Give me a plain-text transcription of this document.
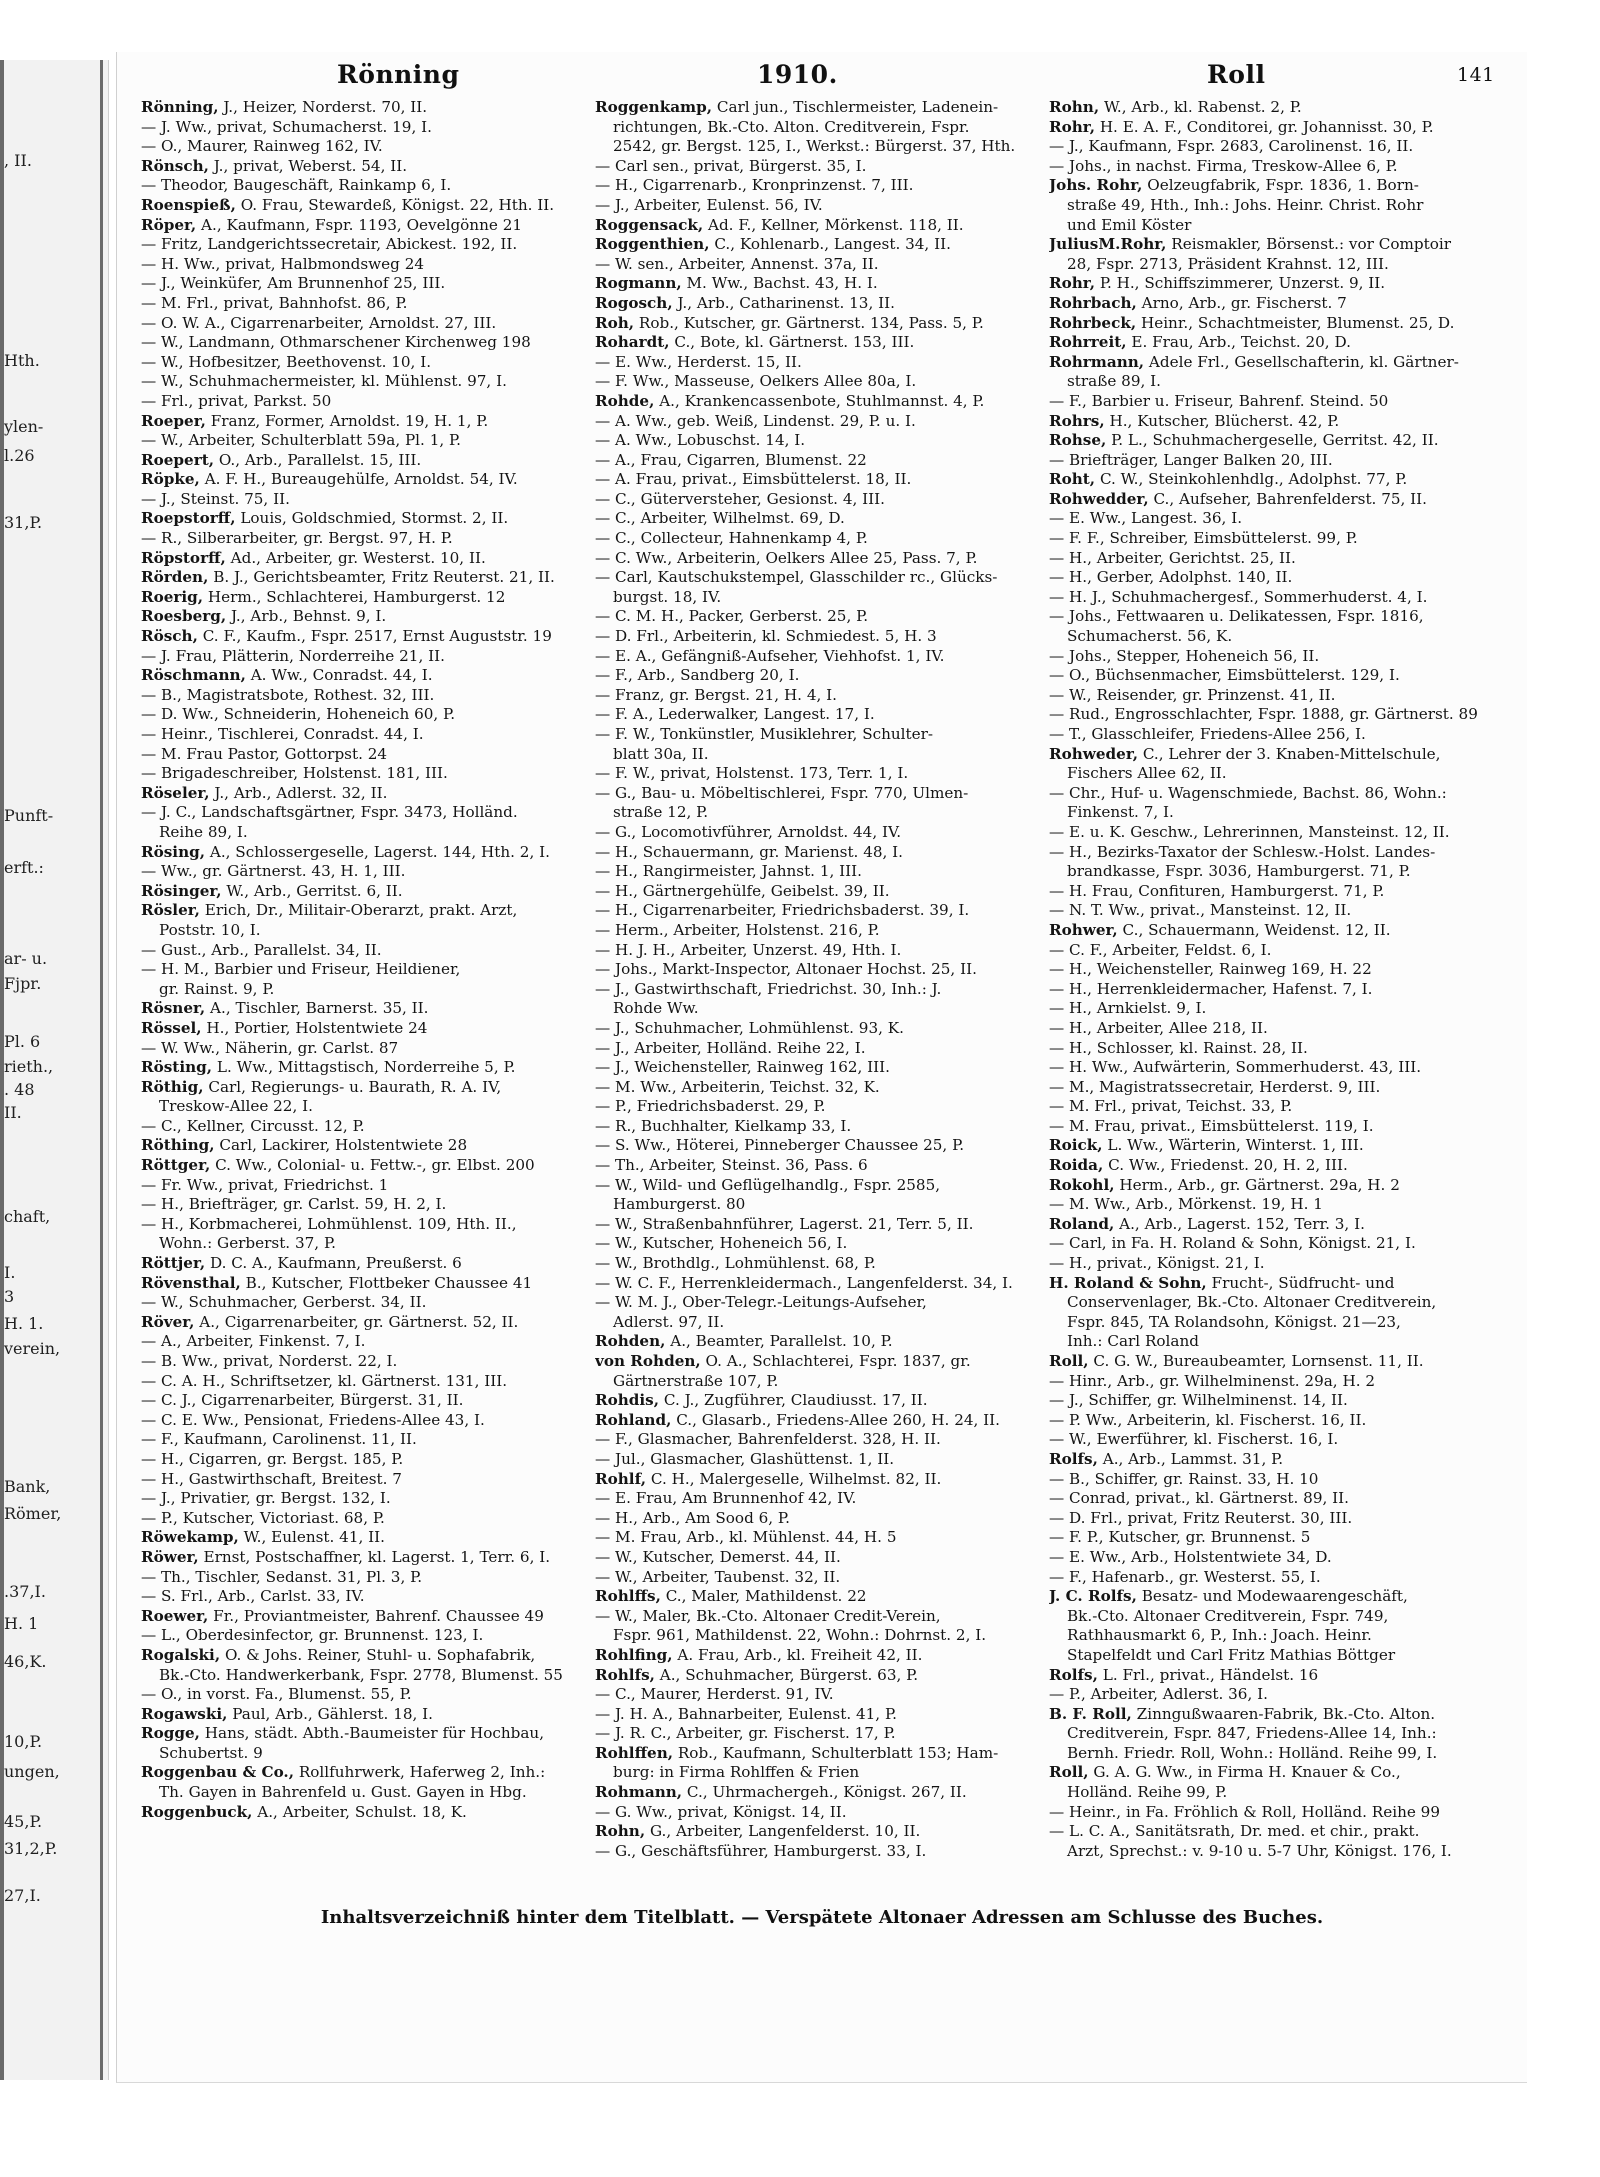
, II.
Hth.
ylen-
l.26
31,P.
Punft-
erft.:
ar- u.
Fjpr.
Pl. 6
rieth.,
. 48
II.
chaft,
I.
3
H. 1.
verein,
Bank,
Römer,
.37,I.
H. 1
46,K.
10,P.
ungen,
45,P.
31,2,P.
27,I.
Rönning	1910.	Roll	141
Rönning, J., Heizer, Norderst. 70, II.
— J. Ww., privat, Schumacherst. 19, I.
— O., Maurer, Rainweg 162, IV.
Rönsch, J., privat, Weberst. 54, II.
— Theodor, Baugeschäft, Rainkamp 6, I.
Roenspieß, O. Frau, Stewardeß, Königst. 22, Hth. II.
Röper, A., Kaufmann, Fspr. 1193, Oevelgönne 21
— Fritz, Landgerichtssecretair, Abickest. 192, II.
— H. Ww., privat, Halbmondsweg 24
— J., Weinküfer, Am Brunnenhof 25, III.
— M. Frl., privat, Bahnhofst. 86, P.
— O. W. A., Cigarrenarbeiter, Arnoldst. 27, III.
— W., Landmann, Othmarschener Kirchenweg 198
— W., Hofbesitzer, Beethovenst. 10, I.
— W., Schuhmachermeister, kl. Mühlenst. 97, I.
— Frl., privat, Parkst. 50
Roeper, Franz, Former, Arnoldst. 19, H. 1, P.
— W., Arbeiter, Schulterblatt 59a, Pl. 1, P.
Roepert, O., Arb., Parallelst. 15, III.
Röpke, A. F. H., Bureaugehülfe, Arnoldst. 54, IV.
— J., Steinst. 75, II.
Roepstorff, Louis, Goldschmied, Stormst. 2, II.
— R., Silberarbeiter, gr. Bergst. 97, H. P.
Röpstorff, Ad., Arbeiter, gr. Westerst. 10, II.
Rörden, B. J., Gerichtsbeamter, Fritz Reuterst. 21, II.
Roerig, Herm., Schlachterei, Hamburgerst. 12
Roesberg, J., Arb., Behnst. 9, I.
Rösch, C. F., Kaufm., Fspr. 2517, Ernst Auguststr. 19
— J. Frau, Plätterin, Norderreihe 21, II.
Röschmann, A. Ww., Conradst. 44, I.
— B., Magistratsbote, Rothest. 32, III.
— D. Ww., Schneiderin, Hoheneich 60, P.
— Heinr., Tischlerei, Conradst. 44, I.
— M. Frau Pastor, Gottorpst. 24
— Brigadeschreiber, Holstenst. 181, III.
Röseler, J., Arb., Adlerst. 32, II.
— J. C., Landschaftsgärtner, Fspr. 3473, Holländ.
Reihe 89, I.
Rösing, A., Schlossergeselle, Lagerst. 144, Hth. 2, I.
— Ww., gr. Gärtnerst. 43, H. 1, III.
Rösinger, W., Arb., Gerritst. 6, II.
Rösler, Erich, Dr., Militair-Oberarzt, prakt. Arzt,
Poststr. 10, I.
— Gust., Arb., Parallelst. 34, II.
— H. M., Barbier und Friseur, Heildiener,
gr. Rainst. 9, P.
Rösner, A., Tischler, Barnerst. 35, II.
Rössel, H., Portier, Holstentwiete 24
— W. Ww., Näherin, gr. Carlst. 87
Rösting, L. Ww., Mittagstisch, Norderreihe 5, P.
Röthig, Carl, Regierungs- u. Baurath, R. A. IV,
Treskow-Allee 22, I.
— C., Kellner, Circusst. 12, P.
Röthing, Carl, Lackirer, Holstentwiete 28
Röttger, C. Ww., Colonial- u. Fettw.-, gr. Elbst. 200
— Fr. Ww., privat, Friedrichst. 1
— H., Briefträger, gr. Carlst. 59, H. 2, I.
— H., Korbmacherei, Lohmühlenst. 109, Hth. II.,
Wohn.: Gerberst. 37, P.
Röttjer, D. C. A., Kaufmann, Preußerst. 6
Rövensthal, B., Kutscher, Flottbeker Chaussee 41
— W., Schuhmacher, Gerberst. 34, II.
Röver, A., Cigarrenarbeiter, gr. Gärtnerst. 52, II.
— A., Arbeiter, Finkenst. 7, I.
— B. Ww., privat, Norderst. 22, I.
— C. A. H., Schriftsetzer, kl. Gärtnerst. 131, III.
— C. J., Cigarrenarbeiter, Bürgerst. 31, II.
— C. E. Ww., Pensionat, Friedens-Allee 43, I.
— F., Kaufmann, Carolinenst. 11, II.
— H., Cigarren, gr. Bergst. 185, P.
— H., Gastwirthschaft, Breitest. 7
— J., Privatier, gr. Bergst. 132, I.
— P., Kutscher, Victoriast. 68, P.
Röwekamp, W., Eulenst. 41, II.
Röwer, Ernst, Postschaffner, kl. Lagerst. 1, Terr. 6, I.
— Th., Tischler, Sedanst. 31, Pl. 3, P.
— S. Frl., Arb., Carlst. 33, IV.
Roewer, Fr., Proviantmeister, Bahrenf. Chaussee 49
— L., Oberdesinfector, gr. Brunnenst. 123, I.
Rogalski, O. & Johs. Reiner, Stuhl- u. Sophafabrik,
Bk.-Cto. Handwerkerbank, Fspr. 2778, Blumenst. 55
— O., in vorst. Fa., Blumenst. 55, P.
Rogawski, Paul, Arb., Gählerst. 18, I.
Rogge, Hans, städt. Abth.-Baumeister für Hochbau,
Schubertst. 9
Roggenbau & Co., Rollfuhrwerk, Haferweg 2, Inh.:
Th. Gayen in Bahrenfeld u. Gust. Gayen in Hbg.
Roggenbuck, A., Arbeiter, Schulst. 18, K.
Roggenkamp, Carl jun., Tischlermeister, Ladenein-
richtungen, Bk.-Cto. Alton. Creditverein, Fspr.
2542, gr. Bergst. 125, I., Werkst.: Bürgerst. 37, Hth.
— Carl sen., privat, Bürgerst. 35, I.
— H., Cigarrenarb., Kronprinzenst. 7, III.
— J., Arbeiter, Eulenst. 56, IV.
Roggensack, Ad. F., Kellner, Mörkenst. 118, II.
Roggenthien, C., Kohlenarb., Langest. 34, II.
— W. sen., Arbeiter, Annenst. 37a, II.
Rogmann, M. Ww., Bachst. 43, H. I.
Rogosch, J., Arb., Catharinenst. 13, II.
Roh, Rob., Kutscher, gr. Gärtnerst. 134, Pass. 5, P.
Rohardt, C., Bote, kl. Gärtnerst. 153, III.
— E. Ww., Herderst. 15, II.
— F. Ww., Masseuse, Oelkers Allee 80a, I.
Rohde, A., Krankencassenbote, Stuhlmannst. 4, P.
— A. Ww., geb. Weiß, Lindenst. 29, P. u. I.
— A. Ww., Lobuschst. 14, I.
— A., Frau, Cigarren, Blumenst. 22
— A. Frau, privat., Eimsbüttelerst. 18, II.
— C., Güterversteher, Gesionst. 4, III.
— C., Arbeiter, Wilhelmst. 69, D.
— C., Collecteur, Hahnenkamp 4, P.
— C. Ww., Arbeiterin, Oelkers Allee 25, Pass. 7, P.
— Carl, Kautschukstempel, Glasschilder rc., Glücks-
burgst. 18, IV.
— C. M. H., Packer, Gerberst. 25, P.
— D. Frl., Arbeiterin, kl. Schmiedest. 5, H. 3
— E. A., Gefängniß-Aufseher, Viehhofst. 1, IV.
— F., Arb., Sandberg 20, I.
— Franz, gr. Bergst. 21, H. 4, I.
— F. A., Lederwalker, Langest. 17, I.
— F. W., Tonkünstler, Musiklehrer, Schulter-
blatt 30a, II.
— F. W., privat, Holstenst. 173, Terr. 1, I.
— G., Bau- u. Möbeltischlerei, Fspr. 770, Ulmen-
straße 12, P.
— G., Locomotivführer, Arnoldst. 44, IV.
— H., Schauermann, gr. Marienst. 48, I.
— H., Rangirmeister, Jahnst. 1, III.
— H., Gärtnergehülfe, Geibelst. 39, II.
— H., Cigarrenarbeiter, Friedrichsbaderst. 39, I.
— Herm., Arbeiter, Holstenst. 216, P.
— H. J. H., Arbeiter, Unzerst. 49, Hth. I.
— Johs., Markt-Inspector, Altonaer Hochst. 25, II.
— J., Gastwirthschaft, Friedrichst. 30, Inh.: J.
Rohde Ww.
— J., Schuhmacher, Lohmühlenst. 93, K.
— J., Arbeiter, Holländ. Reihe 22, I.
— J., Weichensteller, Rainweg 162, III.
— M. Ww., Arbeiterin, Teichst. 32, K.
— P., Friedrichsbaderst. 29, P.
— R., Buchhalter, Kielkamp 33, I.
— S. Ww., Höterei, Pinneberger Chaussee 25, P.
— Th., Arbeiter, Steinst. 36, Pass. 6
— W., Wild- und Geflügelhandlg., Fspr. 2585,
Hamburgerst. 80
— W., Straßenbahnführer, Lagerst. 21, Terr. 5, II.
— W., Kutscher, Hoheneich 56, I.
— W., Brothdlg., Lohmühlenst. 68, P.
— W. C. F., Herrenkleidermach., Langenfelderst. 34, I.
— W. M. J., Ober-Telegr.-Leitungs-Aufseher,
Adlerst. 97, II.
Rohden, A., Beamter, Parallelst. 10, P.
von Rohden, O. A., Schlachterei, Fspr. 1837, gr.
Gärtnerstraße 107, P.
Rohdis, C. J., Zugführer, Claudiusst. 17, II.
Rohland, C., Glasarb., Friedens-Allee 260, H. 24, II.
— F., Glasmacher, Bahrenfelderst. 328, H. II.
— Jul., Glasmacher, Glashüttenst. 1, II.
Rohlf, C. H., Malergeselle, Wilhelmst. 82, II.
— E. Frau, Am Brunnenhof 42, IV.
— H., Arb., Am Sood 6, P.
— M. Frau, Arb., kl. Mühlenst. 44, H. 5
— W., Kutscher, Demerst. 44, II.
— W., Arbeiter, Taubenst. 32, II.
Rohlffs, C., Maler, Mathildenst. 22
— W., Maler, Bk.-Cto. Altonaer Credit-Verein,
Fspr. 961, Mathildenst. 22, Wohn.: Dohrnst. 2, I.
Rohlfing, A. Frau, Arb., kl. Freiheit 42, II.
Rohlfs, A., Schuhmacher, Bürgerst. 63, P.
— C., Maurer, Herderst. 91, IV.
— J. H. A., Bahnarbeiter, Eulenst. 41, P.
— J. R. C., Arbeiter, gr. Fischerst. 17, P.
Rohlffen, Rob., Kaufmann, Schulterblatt 153; Ham-
burg: in Firma Rohlffen & Frien
Rohmann, C., Uhrmachergeh., Königst. 267, II.
— G. Ww., privat, Königst. 14, II.
Rohn, G., Arbeiter, Langenfelderst. 10, II.
— G., Geschäftsführer, Hamburgerst. 33, I.
Rohn, W., Arb., kl. Rabenst. 2, P.
Rohr, H. E. A. F., Conditorei, gr. Johannisst. 30, P.
— J., Kaufmann, Fspr. 2683, Carolinenst. 16, II.
— Johs., in nachst. Firma, Treskow-Allee 6, P.
Johs. Rohr, Oelzeugfabrik, Fspr. 1836, 1. Born-
straße 49, Hth., Inh.: Johs. Heinr. Christ. Rohr
und Emil Köster
JuliusM.Rohr, Reismakler, Börsenst.: vor Comptoir
28, Fspr. 2713, Präsident Krahnst. 12, III.
Rohr, P. H., Schiffszimmerer, Unzerst. 9, II.
Rohrbach, Arno, Arb., gr. Fischerst. 7
Rohrbeck, Heinr., Schachtmeister, Blumenst. 25, D.
Rohrreit, E. Frau, Arb., Teichst. 20, D.
Rohrmann, Adele Frl., Gesellschafterin, kl. Gärtner-
straße 89, I.
— F., Barbier u. Friseur, Bahrenf. Steind. 50
Rohrs, H., Kutscher, Blücherst. 42, P.
Rohse, P. L., Schuhmachergeselle, Gerritst. 42, II.
— Briefträger, Langer Balken 20, III.
Roht, C. W., Steinkohlenhdlg., Adolphst. 77, P.
Rohwedder, C., Aufseher, Bahrenfelderst. 75, II.
— E. Ww., Langest. 36, I.
— F. F., Schreiber, Eimsbüttelerst. 99, P.
— H., Arbeiter, Gerichtst. 25, II.
— H., Gerber, Adolphst. 140, II.
— H. J., Schuhmachergesf., Sommerhuderst. 4, I.
— Johs., Fettwaaren u. Delikatessen, Fspr. 1816,
Schumacherst. 56, K.
— Johs., Stepper, Hoheneich 56, II.
— O., Büchsenmacher, Eimsbüttelerst. 129, I.
— W., Reisender, gr. Prinzenst. 41, II.
— Rud., Engrosschlachter, Fspr. 1888, gr. Gärtnerst. 89
— T., Glasschleifer, Friedens-Allee 256, I.
Rohweder, C., Lehrer der 3. Knaben-Mittelschule,
Fischers Allee 62, II.
— Chr., Huf- u. Wagenschmiede, Bachst. 86, Wohn.:
Finkenst. 7, I.
— E. u. K. Geschw., Lehrerinnen, Mansteinst. 12, II.
— H., Bezirks-Taxator der Schlesw.-Holst. Landes-
brandkasse, Fspr. 3036, Hamburgerst. 71, P.
— H. Frau, Confituren, Hamburgerst. 71, P.
— N. T. Ww., privat., Mansteinst. 12, II.
Rohwer, C., Schauermann, Weidenst. 12, II.
— C. F., Arbeiter, Feldst. 6, I.
— H., Weichensteller, Rainweg 169, H. 22
— H., Herrenkleidermacher, Hafenst. 7, I.
— H., Arnkielst. 9, I.
— H., Arbeiter, Allee 218, II.
— H., Schlosser, kl. Rainst. 28, II.
— H. Ww., Aufwärterin, Sommerhuderst. 43, III.
— M., Magistratssecretair, Herderst. 9, III.
— M. Frl., privat, Teichst. 33, P.
— M. Frau, privat., Eimsbüttelerst. 119, I.
Roick, L. Ww., Wärterin, Winterst. 1, III.
Roida, C. Ww., Friedenst. 20, H. 2, III.
Rokohl, Herm., Arb., gr. Gärtnerst. 29a, H. 2
— M. Ww., Arb., Mörkenst. 19, H. 1
Roland, A., Arb., Lagerst. 152, Terr. 3, I.
— Carl, in Fa. H. Roland & Sohn, Königst. 21, I.
— H., privat., Königst. 21, I.
H. Roland & Sohn, Frucht-, Südfrucht- und
Conservenlager, Bk.-Cto. Altonaer Creditverein,
Fspr. 845, TA Rolandsohn, Königst. 21—23,
Inh.: Carl Roland
Roll, C. G. W., Bureaubeamter, Lornsenst. 11, II.
— Hinr., Arb., gr. Wilhelminenst. 29a, H. 2
— J., Schiffer, gr. Wilhelminenst. 14, II.
— P. Ww., Arbeiterin, kl. Fischerst. 16, II.
— W., Ewerführer, kl. Fischerst. 16, I.
Rolfs, A., Arb., Lammst. 31, P.
— B., Schiffer, gr. Rainst. 33, H. 10
— Conrad, privat., kl. Gärtnerst. 89, II.
— D. Frl., privat, Fritz Reuterst. 30, III.
— F. P., Kutscher, gr. Brunnenst. 5
— E. Ww., Arb., Holstentwiete 34, D.
— F., Hafenarb., gr. Westerst. 55, I.
J. C. Rolfs, Besatz- und Modewaarengeschäft,
Bk.-Cto. Altonaer Creditverein, Fspr. 749,
Rathhausmarkt 6, P., Inh.: Joach. Heinr.
Stapelfeldt und Carl Fritz Mathias Böttger
Rolfs, L. Frl., privat., Händelst. 16
— P., Arbeiter, Adlerst. 36, I.
B. F. Roll, Zinngußwaaren-Fabrik, Bk.-Cto. Alton.
Creditverein, Fspr. 847, Friedens-Allee 14, Inh.:
Bernh. Friedr. Roll, Wohn.: Holländ. Reihe 99, I.
Roll, G. A. G. Ww., in Firma H. Knauer & Co.,
Holländ. Reihe 99, P.
— Heinr., in Fa. Fröhlich & Roll, Holländ. Reihe 99
— L. C. A., Sanitätsrath, Dr. med. et chir., prakt.
Arzt, Sprechst.: v. 9-10 u. 5-7 Uhr, Königst. 176, I.
Inhaltsverzeichniß hinter dem Titelblatt. — Verspätete Altonaer Adressen am Schlusse des Buches.
